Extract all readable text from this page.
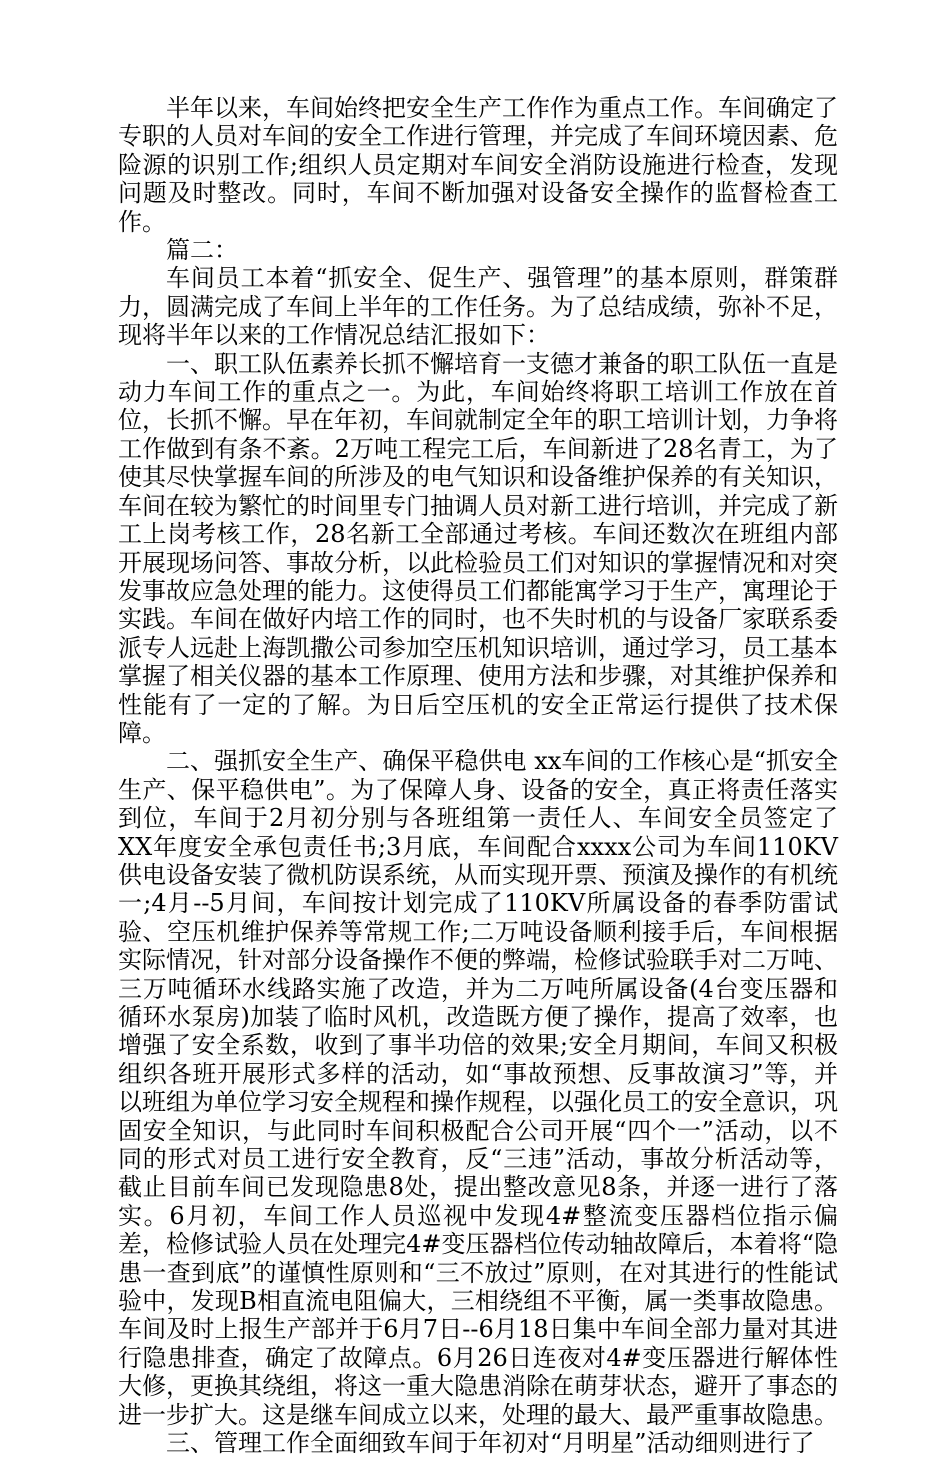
半年以来，车间始终把安全生产工作作为重点工作。车间确定了专职的人员对车间的安全工作进行管理，并完成了车间环境因素、危险源的识别工作;组织人员定期对车间安全消防设施进行检查，发现问题及时整改。同时，车间不断加强对设备安全操作的监督检查工作。

篇二：

车间员工本着“抓安全、促生产、强管理”的基本原则，群策群力，圆满完成了车间上半年的工作任务。为了总结成绩，弥补不足，现将半年以来的工作情况总结汇报如下：

一、职工队伍素养长抓不懈培育一支德才兼备的职工队伍一直是动力车间工作的重点之一。为此，车间始终将职工培训工作放在首位，长抓不懈。早在年初，车间就制定全年的职工培训计划，力争将工作做到有条不紊。2万吨工程完工后，车间新进了28名青工，为了使其尽快掌握车间的所涉及的电气知识和设备维护保养的有关知识，车间在较为繁忙的时间里专门抽调人员对新工进行培训，并完成了新工上岗考核工作，28名新工全部通过考核。车间还数次在班组内部开展现场问答、事故分析，以此检验员工们对知识的掌握情况和对突发事故应急处理的能力。这使得员工们都能寓学习于生产，寓理论于实践。车间在做好内培工作的同时，也不失时机的与设备厂家联系委派专人远赴上海凯撒公司参加空压机知识培训，通过学习，员工基本掌握了相关仪器的基本工作原理、使用方法和步骤，对其维护保养和性能有了一定的了解。为日后空压机的安全正常运行提供了技术保障。

二、强抓安全生产、确保平稳供电 xx车间的工作核心是“抓安全生产、保平稳供电”。为了保障人身、设备的安全，真正将责任落实到位，车间于2月初分别与各班组第一责任人、车间安全员签定了XX年度安全承包责任书;3月底，车间配合xxxx公司为车间110KV供电设备安装了微机防误系统，从而实现开票、预演及操作的有机统一;4月--5月间，车间按计划完成了110KV所属设备的春季防雷试验、空压机维护保养等常规工作;二万吨设备顺利接手后，车间根据实际情况，针对部分设备操作不便的弊端，检修试验联手对二万吨、三万吨循环水线路实施了改造，并为二万吨所属设备(4台变压器和循环水泵房)加装了临时风机，改造既方便了操作，提高了效率，也增强了安全系数，收到了事半功倍的效果;安全月期间，车间又积极组织各班开展形式多样的活动，如“事故预想、反事故演习”等，并以班组为单位学习安全规程和操作规程，以强化员工的安全意识，巩固安全知识，与此同时车间积极配合公司开展“四个一”活动，以不同的形式对员工进行安全教育，反“三违”活动，事故分析活动等，截止目前车间已发现隐患8处，提出整改意见8条，并逐一进行了落实。6月初，车间工作人员巡视中发现4#整流变压器档位指示偏差，检修试验人员在处理完4#变压器档位传动轴故障后，本着将“隐患一查到底”的谨慎性原则和“三不放过”原则，在对其进行的性能试验中，发现B相直流电阻偏大，三相绕组不平衡，属一类事故隐患。车间及时上报生产部并于6月7日--6月18日集中车间全部力量对其进行隐患排查，确定了故障点。6月26日连夜对4#变压器进行解体性大修，更换其绕组，将这一重大隐患消除在萌芽状态，避开了事态的进一步扩大。这是继车间成立以来，处理的最大、最严重事故隐患。

三、管理工作全面细致车间于年初对“月明星”活动细则进行了
